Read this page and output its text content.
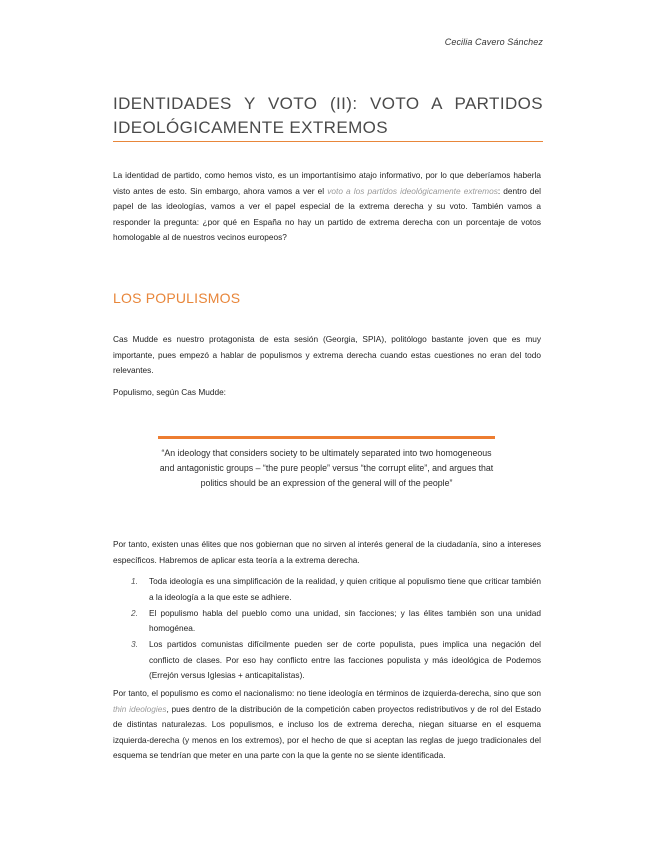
Cecilia Cavero Sánchez
IDENTIDADES Y VOTO (II): VOTO A PARTIDOS IDEOLÓGICAMENTE EXTREMOS

La identidad de partido, como hemos visto, es un importantísimo atajo informativo, por lo que deberíamos haberla visto antes de esto. Sin embargo, ahora vamos a ver el voto a los partidos ideológicamente extremos: dentro del papel de las ideologías, vamos a ver el papel especial de la extrema derecha y su voto. También vamos a responder la pregunta: ¿por qué en España no hay un partido de extrema derecha con un porcentaje de votos homologable al de nuestros vecinos europeos?

LOS POPULISMOS

Cas Mudde es nuestro protagonista de esta sesión (Georgia, SPIA), politólogo bastante joven que es muy importante, pues empezó a hablar de populismos y extrema derecha cuando estas cuestiones no eran del todo relevantes.

Populismo, según Cas Mudde:

“An ideology that considers society to be ultimately separated into two homogeneous and antagonistic groups – “the pure people” versus “the corrupt elite”, and argues that politics should be an expression of the general will of the people”

Por tanto, existen unas élites que nos gobiernan que no sirven al interés general de la ciudadanía, sino a intereses específicos. Habremos de aplicar esta teoría a la extrema derecha.

1. Toda ideología es una simplificación de la realidad, y quien critique al populismo tiene que criticar también a la ideología a la que este se adhiere.
2. El populismo habla del pueblo como una unidad, sin facciones; y las élites también son una unidad homogénea.
3. Los partidos comunistas difícilmente pueden ser de corte populista, pues implica una negación del conflicto de clases. Por eso hay conflicto entre las facciones populista y más ideológica de Podemos (Errejón versus Iglesias + anticapitalistas).

Por tanto, el populismo es como el nacionalismo: no tiene ideología en términos de izquierda-derecha, sino que son thin ideologies, pues dentro de la distribución de la competición caben proyectos redistributivos y de rol del Estado de distintas naturalezas. Los populismos, e incluso los de extrema derecha, niegan situarse en el esquema izquierda-derecha (y menos en los extremos), por el hecho de que si aceptan las reglas de juego tradicionales del esquema se tendrían que meter en una parte con la que la gente no se siente identificada.
